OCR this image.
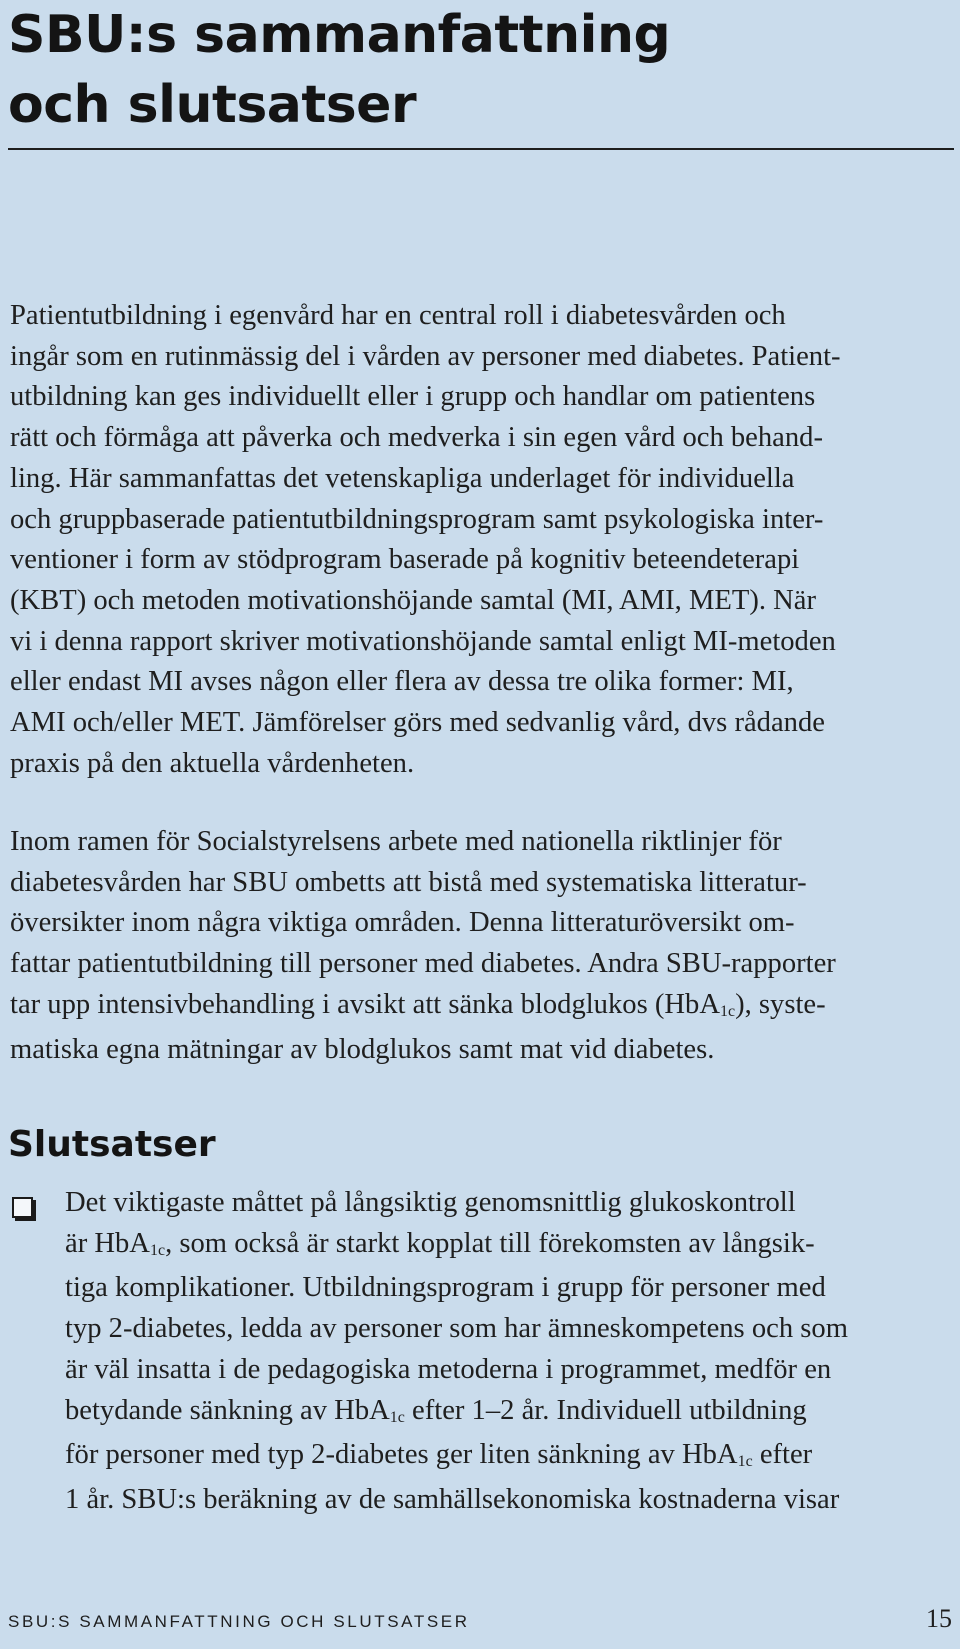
SBU:s sammanfattning
och slutsatser
Patientutbildning i egenvård har en central roll i diabetesvården och
ingår som en rutinmässig del i vården av personer med diabetes. Patient-
utbildning kan ges individuellt eller i grupp och handlar om patientens
rätt och förmåga att påverka och medverka i sin egen vård och behand-
ling. Här sammanfattas det vetenskapliga underlaget för individuella
och gruppbaserade patientutbildningsprogram samt psykologiska inter-
ventioner i form av stödprogram baserade på kognitiv beteendeterapi
(KBT) och metoden motivationshöjande samtal (MI, AMI, MET). När
vi i denna rapport skriver motivationshöjande samtal enligt MI-metoden
eller endast MI avses någon eller flera av dessa tre olika former: MI,
AMI och/eller MET. Jämförelser görs med sedvanlig vård, dvs rådande
praxis på den aktuella vårdenheten.
Inom ramen för Socialstyrelsens arbete med nationella riktlinjer för
diabetesvården har SBU ombetts att bistå med systematiska litteratur-
översikter inom några viktiga områden. Denna litteraturöversikt om-
fattar patientutbildning till personer med diabetes. Andra SBU-rapporter
tar upp intensivbehandling i avsikt att sänka blodglukos (HbA$_{1c}$), syste-
matiska egna mätningar av blodglukos samt mat vid diabetes.
Slutsatser
Det viktigaste måttet på långsiktig genomsnittlig glukoskontroll
är HbA$_{1c}$, som också är starkt kopplat till förekomsten av långsik-
tiga komplikationer. Utbildningsprogram i grupp för personer med
typ 2-diabetes, ledda av personer som har ämneskompetens och som
är väl insatta i de pedagogiska metoderna i programmet, medför en
betydande sänkning av HbA$_{1c}$ efter 1–2 år. Individuell utbildning
för personer med typ 2-diabetes ger liten sänkning av HbA$_{1c}$ efter
1 år. SBU:s beräkning av de samhällsekonomiska kostnaderna visar
SBU:S SAMMANFATTNING OCH SLUTSATSER	15
